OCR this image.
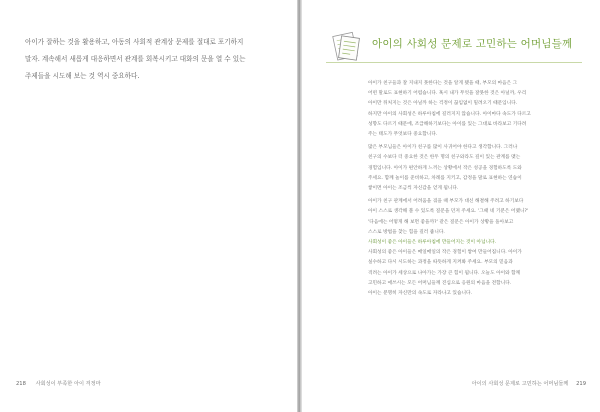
아이가 잘하는 것을 활용하고, 아동의 사회적 관계상 문제를 절대로 포기하지

말자. 계속해서 새롭게 대응하면서 관계를 회복시키고 대화의 문을 열 수 있는

주제들을 시도해 보는 것 역시 중요하다.

218 사회성이 부족한 아이 걱정마
아이의 사회성 문제로 고민하는 어머님들께

아이가 친구들과 잘 지내지 못한다는 것을 알게 됐을 때, 부모의 마음은 그

어떤 말로도 표현하기 어렵습니다. 혹시 내가 무엇을 잘못한 것은 아닐까, 우리

아이만 뒤처지는 것은 아닐까 하는 걱정이 끊임없이 밀려오기 때문입니다.

하지만 아이의 사회성은 하루아침에 길러지지 않습니다. 아이마다 속도가 다르고

성향도 다르기 때문에, 조급해하기보다는 아이를 있는 그대로 바라보고 기다려

주는 태도가 무엇보다 중요합니다.

많은 부모님들은 아이가 친구를 많이 사귀어야 한다고 생각합니다. 그러나

친구의 수보다 더 중요한 것은 한두 명의 친구와라도 깊이 있는 관계를 맺는

경험입니다. 아이가 편안하게 느끼는 상황에서 작은 성공을 경험하도록 도와

주세요. 함께 놀이를 준비하고, 차례를 지키고, 감정을 말로 표현하는 연습이

쌓이면 아이는 조금씩 자신감을 얻게 됩니다.

아이가 친구 관계에서 어려움을 겪을 때 부모가 대신 해결해 주려고 하기보다

아이 스스로 생각해 볼 수 있도록 질문을 던져 주세요. '그때 네 기분은 어땠니?'

'다음에는 어떻게 해 보면 좋을까?' 같은 질문은 아이가 상황을 돌아보고

스스로 방법을 찾는 힘을 길러 줍니다.

사회성이 좋은 아이들은 하루아침에 만들어지는 것이 아닙니다.

사회성의 좋은 아이들은 매일매일의 작은 경험이 쌓여 만들어집니다. 아이가

실수하고 다시 시도하는 과정을 따뜻하게 지켜봐 주세요. 부모의 믿음과

격려는 아이가 세상으로 나아가는 가장 큰 힘이 됩니다. 오늘도 아이와 함께

고민하고 애쓰시는 모든 어머님들께 진심으로 응원의 마음을 전합니다.

아이는 분명히 자신만의 속도로 자라나고 있습니다.

아이의 사회성 문제로 고민하는 어머님들께 219
